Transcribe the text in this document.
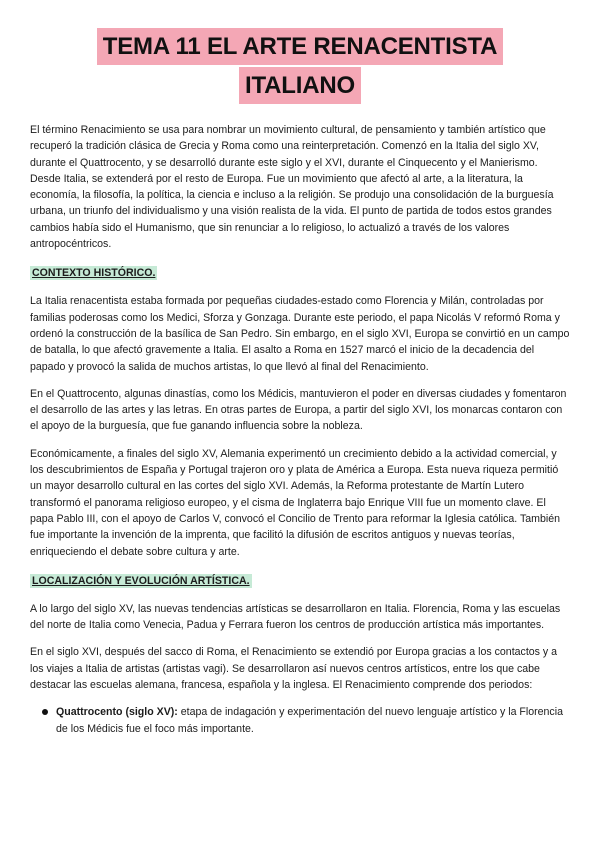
TEMA 11 EL ARTE RENACENTISTA
ITALIANO

El término Renacimiento se usa para nombrar un movimiento cultural, de pensamiento y también artístico que recuperó la tradición clásica de Grecia y Roma como una reinterpretación. Comenzó en la Italia del siglo XV, durante el Quattrocento, y se desarrolló durante este siglo y el XVI, durante el Cinquecento y el Manierismo. Desde Italia, se extenderá por el resto de Europa. Fue un movimiento que afectó al arte, a la literatura, la economía, la filosofía, la política, la ciencia e incluso a la religión. Se produjo una consolidación de la burguesía urbana, un triunfo del individualismo y una visión realista de la vida. El punto de partida de todos estos grandes cambios había sido el Humanismo, que sin renunciar a lo religioso, lo actualizó a través de los valores antropocéntricos.

CONTEXTO HISTÓRICO.

La Italia renacentista estaba formada por pequeñas ciudades-estado como Florencia y Milán, controladas por familias poderosas como los Medici, Sforza y Gonzaga. Durante este periodo, el papa Nicolás V reformó Roma y ordenó la construcción de la basílica de San Pedro. Sin embargo, en el siglo XVI, Europa se convirtió en un campo de batalla, lo que afectó gravemente a Italia. El asalto a Roma en 1527 marcó el inicio de la decadencia del papado y provocó la salida de muchos artistas, lo que llevó al final del Renacimiento.

En el Quattrocento, algunas dinastías, como los Médicis, mantuvieron el poder en diversas ciudades y fomentaron el desarrollo de las artes y las letras. En otras partes de Europa, a partir del siglo XVI, los monarcas contaron con el apoyo de la burguesía, que fue ganando influencia sobre la nobleza.

Económicamente, a finales del siglo XV, Alemania experimentó un crecimiento debido a la actividad comercial, y los descubrimientos de España y Portugal trajeron oro y plata de América a Europa. Esta nueva riqueza permitió un mayor desarrollo cultural en las cortes del siglo XVI. Además, la Reforma protestante de Martín Lutero transformó el panorama religioso europeo, y el cisma de Inglaterra bajo Enrique VIII fue un momento clave. El papa Pablo III, con el apoyo de Carlos V, convocó el Concilio de Trento para reformar la Iglesia católica. También fue importante la invención de la imprenta, que facilitó la difusión de escritos antiguos y nuevas teorías, enriqueciendo el debate sobre cultura y arte.

LOCALIZACIÓN Y EVOLUCIÓN ARTÍSTICA.

A lo largo del siglo XV, las nuevas tendencias artísticas se desarrollaron en Italia. Florencia, Roma y las escuelas del norte de Italia como Venecia, Padua y Ferrara fueron los centros de producción artística más importantes.

En el siglo XVI, después del sacco di Roma, el Renacimiento se extendió por Europa gracias a los contactos y a los viajes a Italia de artistas (artistas vagi). Se desarrollaron así nuevos centros artísticos, entre los que cabe destacar las escuelas alemana, francesa, española y la inglesa. El Renacimiento comprende dos periodos:

Quattrocento (siglo XV): etapa de indagación y experimentación del nuevo lenguaje artístico y la Florencia de los Médicis fue el foco más importante.
